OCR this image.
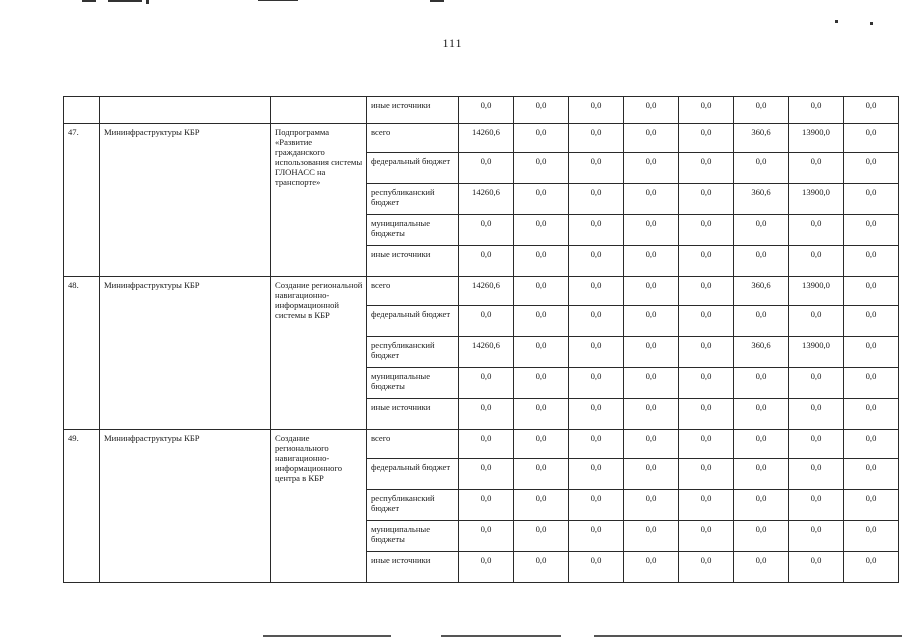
111
			иные источники	0,0	0,0	0,0	0,0	0,0	0,0	0,0	0,0
47.	Мининфраструктуры КБР	Подпрограмма «Развитие гражданского использования системы ГЛОНАСС на транспорте»	всего	14260,6	0,0	0,0	0,0	0,0	360,6	13900,0	0,0
			федеральный бюджет	0,0	0,0	0,0	0,0	0,0	0,0	0,0	0,0
			республиканский бюджет	14260,6	0,0	0,0	0,0	0,0	360,6	13900,0	0,0
			муниципальные бюджеты	0,0	0,0	0,0	0,0	0,0	0,0	0,0	0,0
			иные источники	0,0	0,0	0,0	0,0	0,0	0,0	0,0	0,0
48.	Мининфраструктуры КБР	Создание региональной навигационно-информационной системы в КБР	всего	14260,6	0,0	0,0	0,0	0,0	360,6	13900,0	0,0
			федеральный бюджет	0,0	0,0	0,0	0,0	0,0	0,0	0,0	0,0
			республиканский бюджет	14260,6	0,0	0,0	0,0	0,0	360,6	13900,0	0,0
			муниципальные бюджеты	0,0	0,0	0,0	0,0	0,0	0,0	0,0	0,0
			иные источники	0,0	0,0	0,0	0,0	0,0	0,0	0,0	0,0
49.	Мининфраструктуры КБР	Создание регионального навигационно-информационного центра в КБР	всего	0,0	0,0	0,0	0,0	0,0	0,0	0,0	0,0
			федеральный бюджет	0,0	0,0	0,0	0,0	0,0	0,0	0,0	0,0
			республиканский бюджет	0,0	0,0	0,0	0,0	0,0	0,0	0,0	0,0
			муниципальные бюджеты	0,0	0,0	0,0	0,0	0,0	0,0	0,0	0,0
			иные источники	0,0	0,0	0,0	0,0	0,0	0,0	0,0	0,0
